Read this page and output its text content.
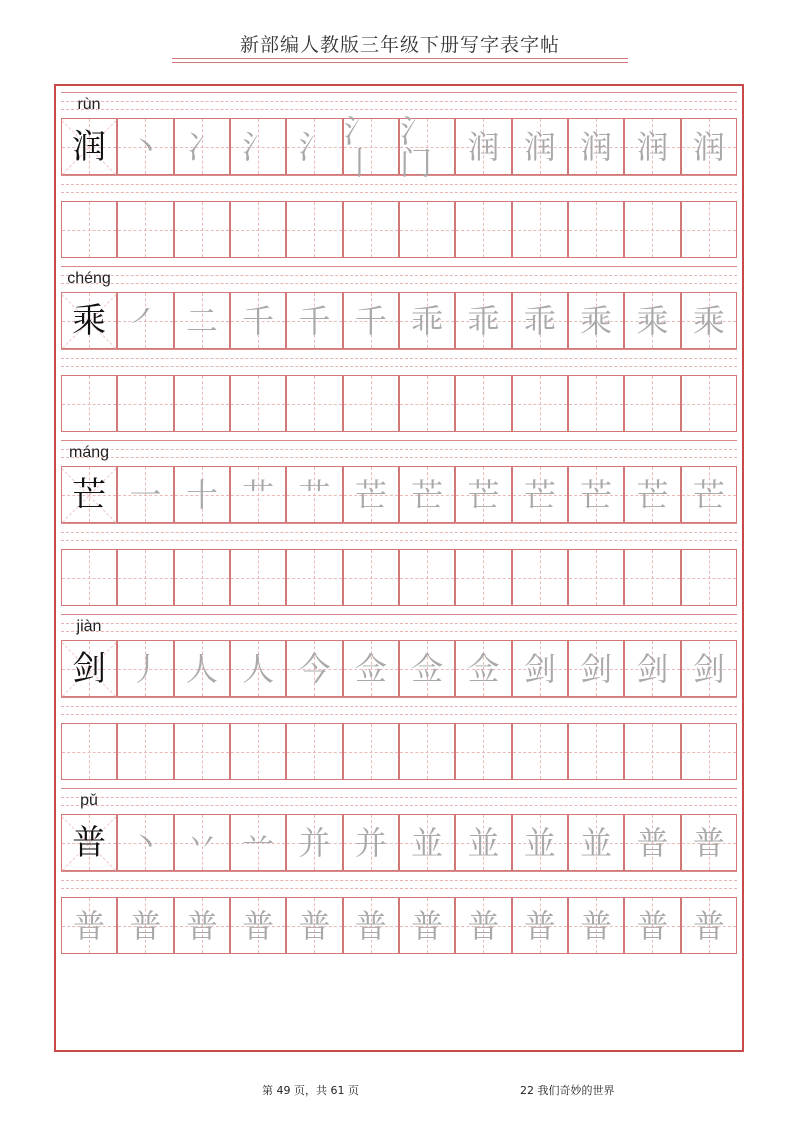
新部编人教版三年级下册写字表字帖
rùn
润 丶 冫 氵 氵 氵丨
氵门	润 润 润 润 润
chéng
乘 ㇒ 二 千 千 千 乖 乖 乖 乘 乘 乘
máng
芒 一 十 艹 艹 芒 芒 芒 芒 芒 芒 芒
jiàn
剑 丿 人 人 今 佥 佥 佥 剑 剑 剑 剑
pǔ
普 丶 丷 䒑 并 并 並 並 並 並 普 普
普 普 普 普 普 普 普 普 普 普 普 普
第 49 页，共 61 页	22 我们奇妙的世界
